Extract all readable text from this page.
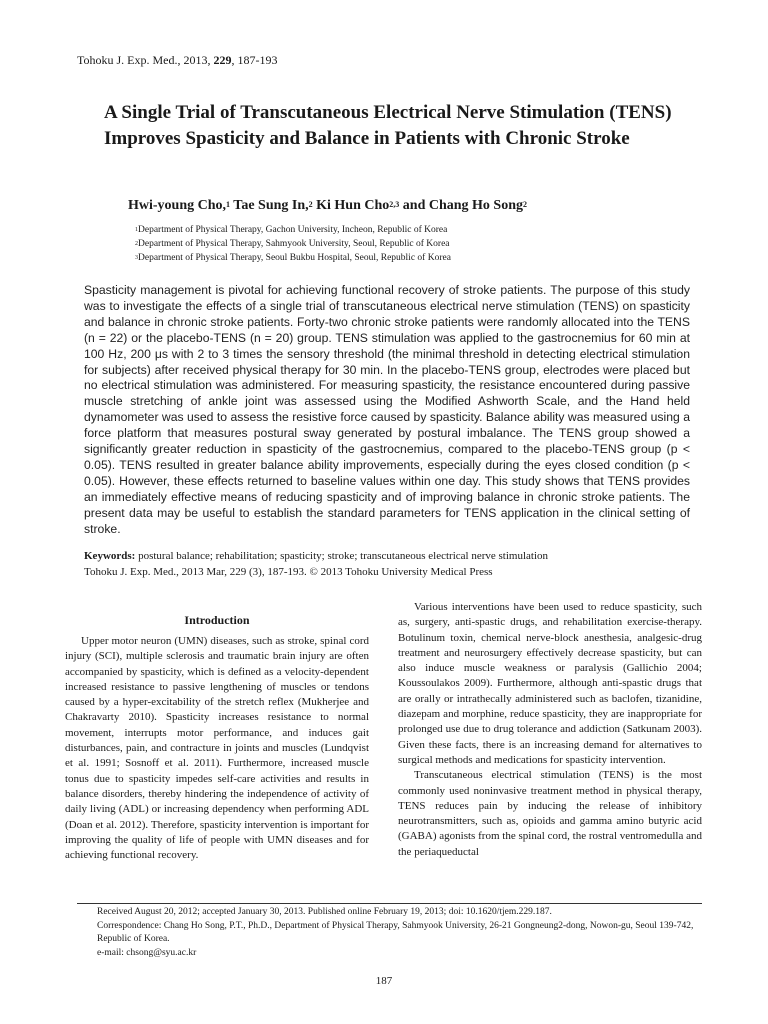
Tohoku J. Exp. Med., 2013, 229, 187-193
A Single Trial of Transcutaneous Electrical Nerve Stimulation (TENS) Improves Spasticity and Balance in Patients with Chronic Stroke
Hwi-young Cho,$^1$ Tae Sung In,$^2$ Ki Hun Cho$^{2,3}$ and Chang Ho Song$^2$
$^1$Department of Physical Therapy, Gachon University, Incheon, Republic of Korea
$^2$Department of Physical Therapy, Sahmyook University, Seoul, Republic of Korea
$^3$Department of Physical Therapy, Seoul Bukbu Hospital, Seoul, Republic of Korea

Spasticity management is pivotal for achieving functional recovery of stroke patients. The purpose of this study was to investigate the effects of a single trial of transcutaneous electrical nerve stimulation (TENS) on spasticity and balance in chronic stroke patients. Forty-two chronic stroke patients were randomly allocated into the TENS (n = 22) or the placebo-TENS (n = 20) group. TENS stimulation was applied to the gastrocnemius for 60 min at 100 Hz, 200 μs with 2 to 3 times the sensory threshold (the minimal threshold in detecting electrical stimulation for subjects) after received physical therapy for 30 min. In the placebo-TENS group, electrodes were placed but no electrical stimulation was administered. For measuring spasticity, the resistance encountered during passive muscle stretching of ankle joint was assessed using the Modified Ashworth Scale, and the Hand held dynamometer was used to assess the resistive force caused by spasticity. Balance ability was measured using a force platform that measures postural sway generated by postural imbalance. The TENS group showed a significantly greater reduction in spasticity of the gastrocnemius, compared to the placebo-TENS group (p < 0.05). TENS resulted in greater balance ability improvements, especially during the eyes closed condition (p < 0.05). However, these effects returned to baseline values within one day. This study shows that TENS provides an immediately effective means of reducing spasticity and of improving balance in chronic stroke patients. The present data may be useful to establish the standard parameters for TENS application in the clinical setting of stroke.

Keywords: postural balance; rehabilitation; spasticity; stroke; transcutaneous electrical nerve stimulation
Tohoku J. Exp. Med., 2013 Mar, 229 (3), 187-193. © 2013 Tohoku University Medical Press
Introduction

Upper motor neuron (UMN) diseases, such as stroke, spinal cord injury (SCI), multiple sclerosis and traumatic brain injury are often accompanied by spasticity, which is defined as a velocity-dependent increased resistance to passive lengthening of muscles or tendons caused by a hyper-excitability of the stretch reflex (Mukherjee and Chakravarty 2010). Spasticity increases resistance to normal movement, interrupts motor performance, and induces gait disturbances, pain, and contracture in joints and muscles (Lundqvist et al. 1991; Sosnoff et al. 2011). Furthermore, increased muscle tonus due to spasticity impedes self-care activities and results in balance disorders, thereby hindering the independence of activity of daily living (ADL) or increasing dependency when performing ADL (Doan et al. 2012). Therefore, spasticity intervention is important for improving the quality of life of people with UMN diseases and for achieving functional recovery.

Various interventions have been used to reduce spasticity, such as, surgery, anti-spastic drugs, and rehabilitation exercise-therapy. Botulinum toxin, chemical nerve-block anesthesia, analgesic-drug treatment and neurosurgery effectively decrease spasticity, but can also induce muscle weakness or paralysis (Gallichio 2004; Koussoulakos 2009). Furthermore, although anti-spastic drugs that are orally or intrathecally administered such as baclofen, tizanidine, diazepam and morphine, reduce spasticity, they are inappropriate for prolonged use due to drug tolerance and addiction (Satkunam 2003). Given these facts, there is an increasing demand for alternatives to surgical methods and medications for spasticity intervention.

Transcutaneous electrical stimulation (TENS) is the most commonly used noninvasive treatment method in physical therapy, TENS reduces pain by inducing the release of inhibitory neurotransmitters, such as, opioids and gamma amino butyric acid (GABA) agonists from the spinal cord, the rostral ventromedulla and the periaqueductal

Received August 20, 2012; accepted January 30, 2013. Published online February 19, 2013; doi: 10.1620/tjem.229.187.

Correspondence: Chang Ho Song, P.T., Ph.D., Department of Physical Therapy, Sahmyook University, 26-21 Gongneung2-dong, Nowon-gu, Seoul 139-742, Republic of Korea.

e-mail: chsong@syu.ac.kr

187
